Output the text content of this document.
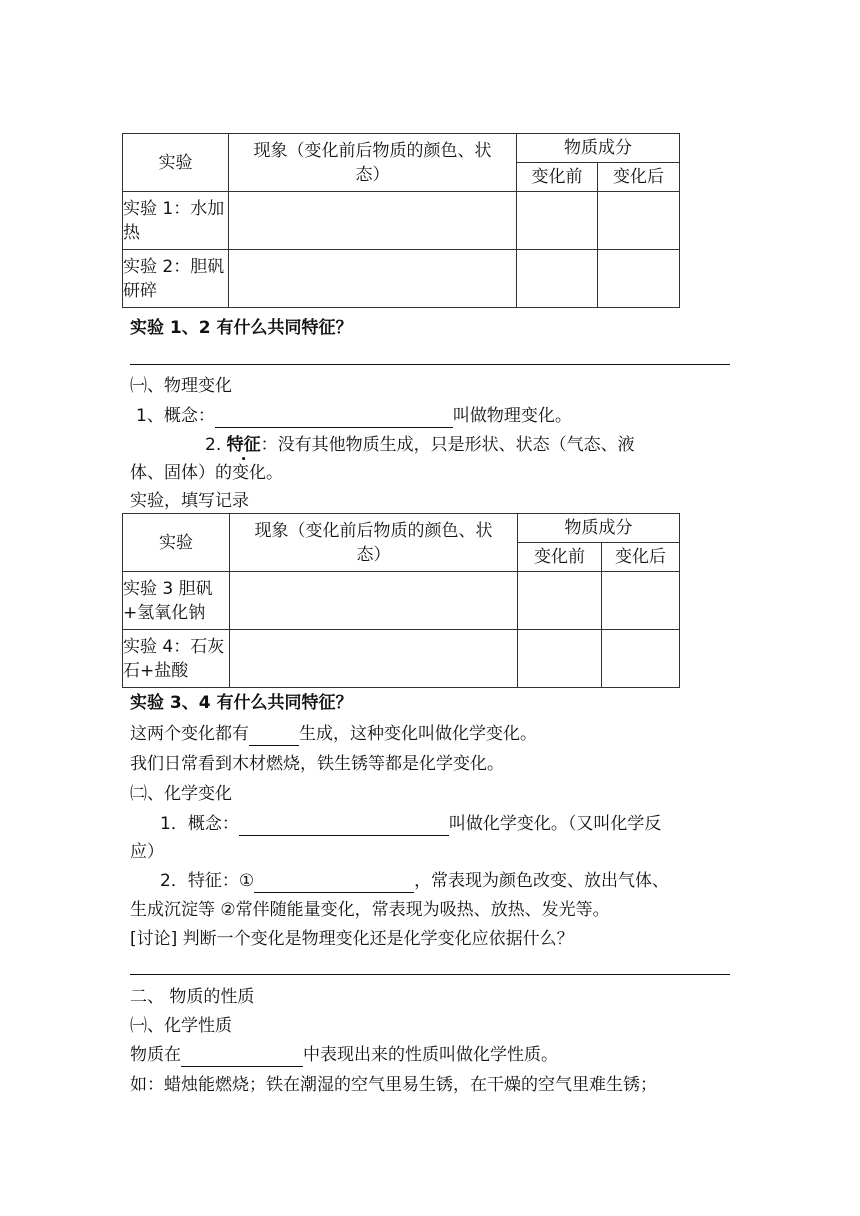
实验	现象（变化前后物质的颜色、状态）	物质成分	
		变化前	变化后
实验 1：水加热			
实验 2：胆矾研碎			
实验 1、2 有什么共同特征？
㈠、物理变化
1、概念：	叫做物理变化。
2. 特征：没有其他物质生成，只是形状、状态（气态、液
体、固体）的变化。
实验，填写记录
实验	现象（变化前后物质的颜色、状态）	物质成分	
		变化前	变化后
实验 3 胆矾+氢氧化钠			
实验 4：石灰石+盐酸			
实验 3、4 有什么共同特征？
这两个变化都有	生成，这种变化叫做化学变化。
我们日常看到木材燃烧，铁生锈等都是化学变化。
㈡、化学变化
1．概念：	叫做化学变化。（又叫化学反
应）
2．特征：①	，常表现为颜色改变、放出气体、
生成沉淀等 ②常伴随能量变化，常表现为吸热、放热、发光等。
[讨论] 判断一个变化是物理变化还是化学变化应依据什么？
二、 物质的性质
㈠、化学性质
物质在	中表现出来的性质叫做化学性质。
如：蜡烛能燃烧；铁在潮湿的空气里易生锈，在干燥的空气里难生锈；
